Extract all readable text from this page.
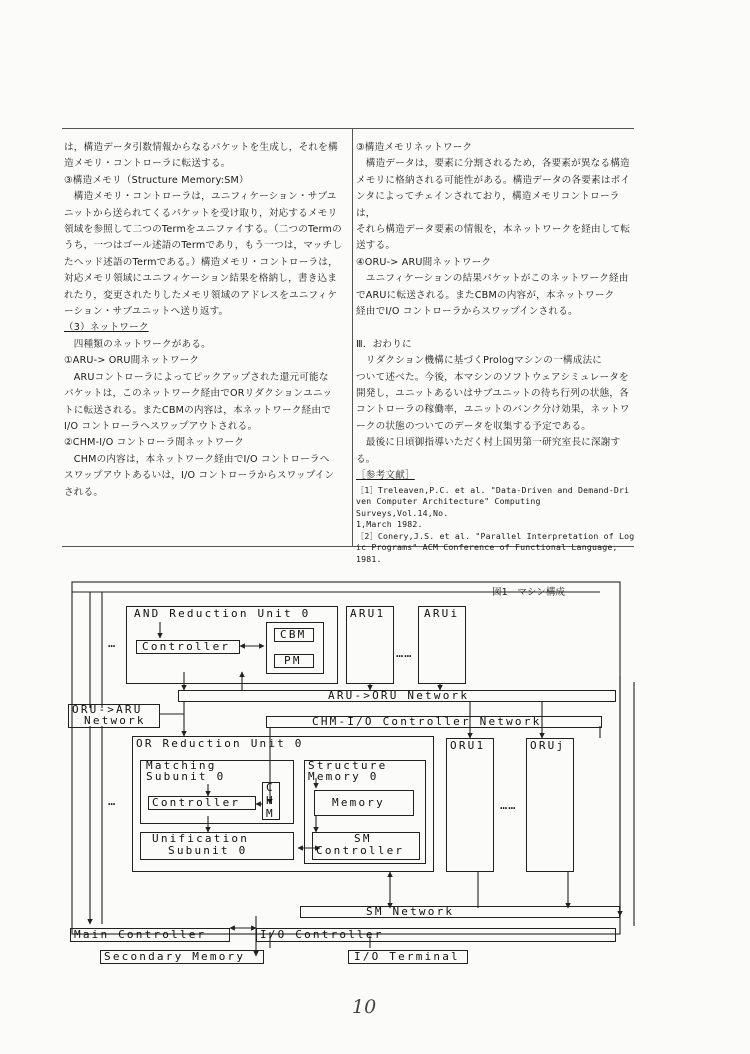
は，構造データ引数情報からなるパケットを生成し，それを構

造メモリ・コントローラに転送する。

③構造メモリ（Structure Memory:SM）

　構造メモリ・コントローラは，ユニフィケーション・サブユ

ニットから送られてくるパケットを受け取り，対応するメモリ

領域を参照して二つのTermをユニファイする。（二つのTermの

うち，一つはゴール述語のTermであり，もう一つは，マッチし

たヘッド述語のTermである。）構造メモリ・コントローラは，

対応メモリ領域にユニフィケーション結果を格納し，書き込ま

れたり，変更されたりしたメモリ領域のアドレスをユニフィケ

ーション・サブユニットへ送り返す。

（3）ネットワーク

　四種類のネットワークがある。

①ARU-> ORU間ネットワーク

　ARUコントローラによってピックアップされた還元可能な

パケットは，このネットワーク経由でORリダクションユニッ

トに転送される。またCBMの内容は，本ネットワーク経由で

I/O コントローラへスワップアウトされる。

②CHM-I/O コントローラ間ネットワーク

　CHMの内容は，本ネットワーク経由でI/O コントローラへ

スワップアウトあるいは，I/O コントローラからスワップイン

される。

③構造メモリネットワーク

　構造データは，要素に分割されるため，各要素が異なる構造

メモリに格納される可能性がある。構造データの各要素はポイ

ンタによってチェインされており，構造メモリコントローラは，

それら構造データ要素の情報を，本ネットワークを経由して転

送する。

④ORU-> ARU間ネットワーク

　ユニフィケーションの結果パケットがこのネットワーク経由

でARUに転送される。またCBMの内容が，本ネットワーク

経由でI/O コントローラからスワップインされる。

Ⅲ．おわりに

　リダクション機構に基づくPrologマシンの一構成法に

ついて述べた。今後，本マシンのソフトウェアシミュレータを

開発し，ユニットあるいはサブユニットの待ち行列の状態，各

コントローラの稼働率，ユニットのバンク分け効果，ネットワ

ークの状態のついてのデータを収集する予定である。

　最後に日頃御指導いただく村上国男第一研究室長に深謝する。

［参考文献］

［1］Treleaven,P.C. et al. "Data-Driven and Demand-Dri

ven Computer Architecture" Computing Surveys,Vol.14,No.

1,March 1982.

［2］Conery,J.S. et al. "Parallel Interpretation of Log

ic Programs" ACM Conference of Functional Language, 1981.

図1　マシン構成
AND Reduction Unit 0
Controller
CBM
PM
ARU1
……
ARUi
…
ARU->ORU Network
ORU->ARU
Network	CHM-I/O Controller Network
OR Reduction Unit 0
Matching
Subunit 0
Controller
C
H
M
Unification
Subunit 0
Structure
Memory 0
Memory
SM
Controller
ORU1
……
ORUj
…
SM Network
Main Controller	I/O Controller
Secondary Memory	I/O Terminal
10
